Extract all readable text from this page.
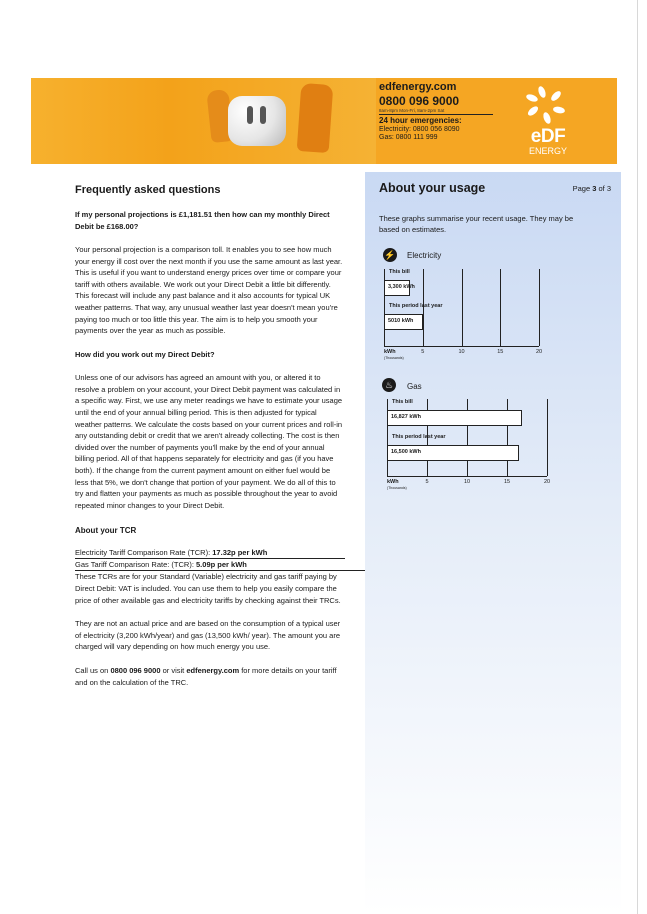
edfenergy.com
0800 096 9000
8am-8pm Mon-Fri, 8am-2pm Sat
24 hour emergencies:
Electricity: 0800 056 8090
Gas: 0800 111 999	eDF
ENERGY
Frequently asked questions
If my personal projections is £1,181.51 then how can my monthly Direct Debit be £168.00?
Your personal projection is a comparison toll. It enables you to see how much your energy ill cost over the next month if you use the same amount as last year. This is useful if you want to understand energy prices over time or compare your tariff with others available. We work out your Direct Debit a little bit differently. This forecast will include any past balance and it also accounts for typical UK weather patterns. That way, any unusual weather last year doesn't mean you're paying too much or too little this year. The aim is to help you smooth your payments over the year as much as possible.
How did you work out my Direct Debit?
Unless one of our advisors has agreed an amount with you, or altered it to resolve a problem on your account, your Direct Debit payment was calculated in a specific way. First, we use any meter readings we have to estimate your usage until the end of your annual billing period. This is then adjusted for typical weather patterns. We calculate the costs based on your current prices and roll-in any outstanding debit or credit that we aren't already collecting. The cost is then divided over the number of payments you'll make by the end of your annual billing period. All of that happens separately for electricity and gas (if you have both). If the change from the current payment amount on either fuel would be less that 5%, we don't change that portion of your payment. We do all of this to try and flatten your payments as much as possible throughout the year to avoid repeated minor changes to your Direct Debit.
About your TCR
Electricity Tariff Comparison Rate (TCR): 17.32p per kWh
Gas Tariff Comparison Rate: (TCR): 5.09p per kWh
These TCRs are for your Standard (Variable) electricity and gas tariff paying by Direct Debit: VAT is included. You can use them to help you easily compare the price of other available gas and electricity tariffs by checking against their TRCs.
They are not an actual price and are based on the consumption of a typical user of electricity (3,200 kWh/year) and gas (13,500 kWh/ year). The amount you are charged will vary depending on how much energy you use.
Call us on 0800 096 9000 or visit edfenergy.com for more details on your tariff and on the calculation of the TRC.
About your usage	Page 3 of 3
These graphs summarise your recent usage. They may be based on estimates.
⚡ Electricity
5	10	15	20
kWh
(Thousands)
This bill
3,300 kWh
This period last year
5010 kWh
♨	Gas
5	10	15	20
kWh
(Thousands)
This bill
16,827 kWh
This period last year
16,500 kWh
